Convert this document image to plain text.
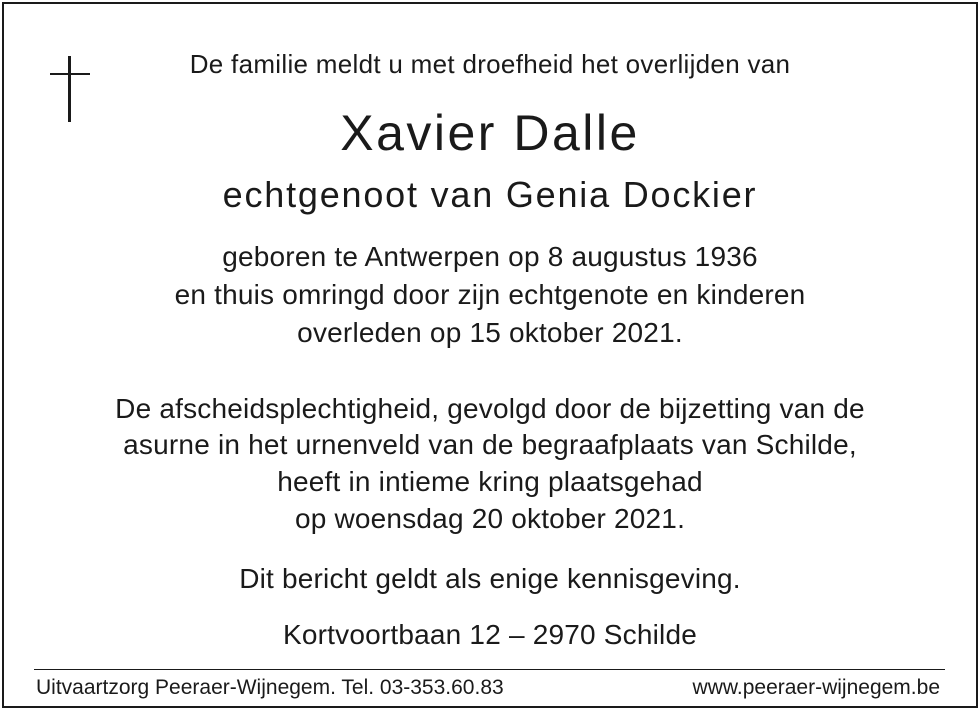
De familie meldt u met droefheid het overlijden van
Xavier Dalle
echtgenoot van Genia Dockier
geboren te Antwerpen op 8 augustus 1936
en thuis omringd door zijn echtgenote en kinderen
overleden op 15 oktober 2021.
De afscheidsplechtigheid, gevolgd door de bijzetting van de
asurne in het urnenveld van de begraafplaats van Schilde,
heeft in intieme kring plaatsgehad
op woensdag 20 oktober 2021.
Dit bericht geldt als enige kennisgeving.
Kortvoortbaan 12 – 2970 Schilde
Uitvaartzorg Peeraer-Wijnegem. Tel. 03-353.60.83	www.peeraer-wijnegem.be
